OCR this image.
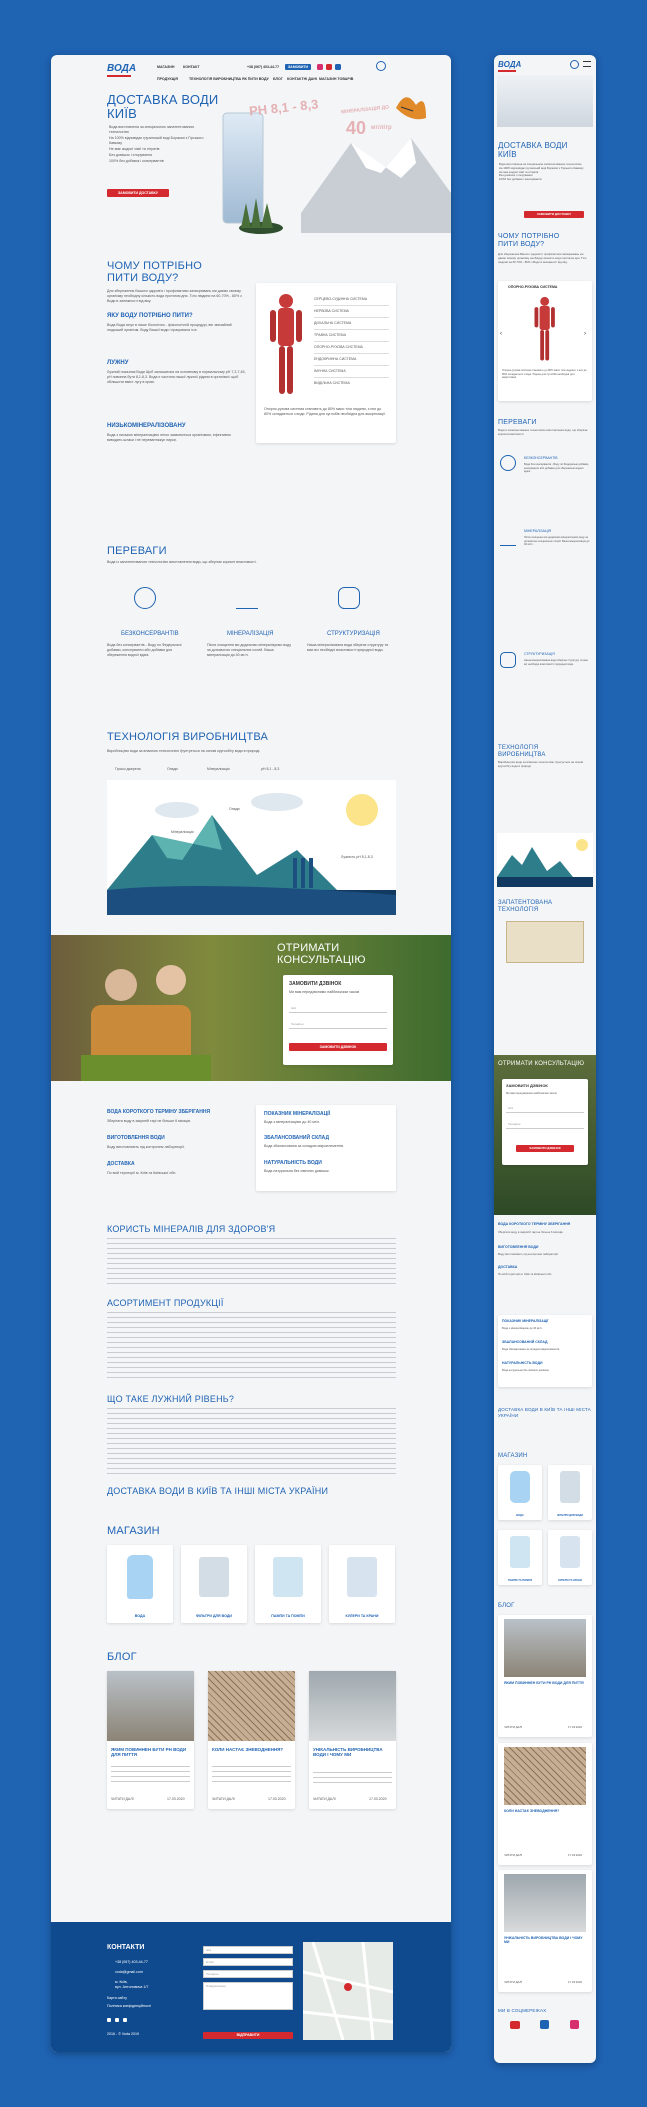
ВОДА	МАГАЗИН КОНТАКТ	+38 (067) 403-44-77	ЗАМОВИТИ
ПРОДУКЦІЯ	ТЕХНОЛОГІЯ ВИРОБНИЦТВА ЯК ПИТИ ВОДУ БЛОГ КОНТАКТНІ ДАНІ МАГАЗИН ТОВАРІВ
ДОСТАВКА ВОДИ КИЇВ
Вода виготовлена за спеціальною запатентованою технологією
На 100% відповідає грузинській воді Боржомі з Гірського Кавказу
Не має жодної хімії та нітратів
Без домішок і хлорування
100% без добавок і консервантів
ЗАМОВИТИ ДОСТАВКУ
PH 8,1 - 8,3	МІНЕРАЛІЗАЦІЯ ДО
40 мг/літр
ЧОМУ ПОТРІБНО ПИТИ ВОДУ?

Для збереження Вашого здоров'я і профілактики захворювань ми даємо своєму організму необхідну кількість води протягом дня. Тіло людини на 60-70% - 80% з Води в залежності від віку.

ЯКУ ВОДУ ПОТРІБНО ПИТИ?

Вода Вода існує в лише біологічно - фізіологічній процедурі, він звичайний людський організм, Воду Вашої води і працювала із в.

ЛУЖНУ

Лужний показник Води Щоб залишатися на основному в нормальному рН 7,3-7,45, рН повинна бути 8,1-8,3. Вода є частина нашої лужної рідини в організмі і щоб збільшити вміст лугу в крові.

НИЗЬКОМІНЕРАЛІЗОВАНУ

Вода з низькою мінералізацією легко засвоюється організмом, ефективно виводить шлаки і не перевантажує нирки.

СЕРЦЕВО-СУДИННА СИСТЕМА
НЕРВОВА СИСТЕМА
ДИХАЛЬНА СИСТЕМА
ТРАВНА СИСТЕМА
ОПОРНО-РУХОВА СИСТЕМА
ЕНДОКРИННА СИСТЕМА
ІМУННА СИСТЕМА
ВИДІЛЬНА СИСТЕМА

Опорно-рухова система становить до 80% маси тіла людини, з них до 80% складається з води. Рідина для суглобів необхідна для амортизації.

ПЕРЕВАГИ

Вода із запатентованою технологією виготовлення води, що зберігає корисні властивості.

БЕЗКОНСЕРВАНТІВ	МІНЕРАЛІЗАЦІЯ	СТРУКТУРИЗАЦІЯ

Вода без консервантів - Воду по Федеральні добавки, консерванти або добавки для збереження водної вдачі.

Після очищення ми додатково мінералізуємо воду за допомогою спеціальних солей. Ваша мінералізація до 40 мг/л.

Наша мінералізована вода зберігає структуру та має всі необхідні властивості природної води.

ТЕХНОЛОГІЯ ВИРОБНИЦТВА

Виробництво води за власною технологією ґрунтується на основі кругообігу води в природі.

Гірські джерела	Опади	Мінералізація	рН 8,1 - 8,3
Опади
Мінералізація
Лужність pH 8,1-8,3
ОТРИМАТИ КОНСУЛЬТАЦІЮ
ЗАМОВИТИ ДЗВІНОК

Ми вам передзвонимо найближчим часом

Ім'я
Телефон
ЗАМОВИТИ ДЗВІНОК
ВОДА КОРОТКОГО ТЕРМІНУ ЗБЕРІГАННЯ

Зберігати воду в закритій тарі не більше 6 місяців.

ВИГОТОВЛЕННЯ ВОДИ

Воду виготовляють під контролем лабораторії.

ДОСТАВКА

По всій території м. Київ та Київської обл.

ПОКАЗНИК МІНЕРАЛІЗАЦІЇ

Вода з мінералізацією до 40 мг/л.

ЗБАЛАНСОВАНИЙ СКЛАД

Вода збалансована за складом мікроелементів.

НАТУРАЛЬНІСТЬ ВОДИ

Вода натуральна без хімічних домішок.

КОРИСТЬ МІНЕРАЛІВ ДЛЯ ЗДОРОВ'Я
АСОРТИМЕНТ ПРОДУКЦІЇ
ЩО ТАКЕ ЛУЖНИЙ РІВЕНЬ?
ДОСТАВКА ВОДИ В КИЇВ ТА ІНШІ МІСТА УКРАЇНИ
МАГАЗИН
ВОДА	ФІЛЬТРИ ДЛЯ ВОДИ	ПАМПИ ТА ПОМПИ	КУЛЕРИ ТА КРАНИ
БЛОГ
ЯКИМ ПОВИННЕН БУТИ PH ВОДИ ДЛЯ ПИТТЯ
ЧИТАТИ ДАЛІ	17.03.2020
КОЛИ НАСТАЄ ЗНЕВОДНЕННЯ?
ЧИТАТИ ДАЛІ	17.03.2020
УНІКАЛЬНІСТЬ ВИРОБНИЦТВА ВОДИ І ЧОМУ МИ
ЧИТАТИ ДАЛІ	17.03.2020
КОНТАКТИ
+38 (067) 403-44-77
voda@gmail.com
м. Київ,
вул. Антоновича 1/7
Карта сайту
Політика конфіденційності
2016 - © Voda 2019
Ім'я
Email
Телефон
Повідомлення
ВІДПРАВИТИ
ВОДА
ДОСТАВКА ВОДИ КИЇВ
Вода виготовлена за спеціальною запатентованою технологією
На 100% відповідає грузинській воді Боржомі з Гірського Кавказу
Не має жодної хімії та нітратів
Без домішок і хлорування
100% без добавок і консервантів
ЗАМОВИТИ ДОСТАВКУ
ЧОМУ ПОТРІБНО ПИТИ ВОДУ?

Для збереження Вашого здоров'я і профілактики захворювань ми даємо своєму організму необхідну кількість води протягом дня. Тіло людини на 60-70% - 80% з Води в залежності від віку.

ОПОРНО-РУХОВА СИСТЕМА
‹	›

Опорно-рухова система становить до 80% маси тіла людини, з них до 80% складається з води. Рідина для суглобів необхідна для амортизації.

ПЕРЕВАГИ

Вода із запатентованою технологією виготовлення води, що зберігає корисні властивості.

БЕЗКОНСЕРВАНТІВ

Вода без консервантів - Воду по Федеральні добавки, консерванти або добавки для збереження водної вдачі.

МІНЕРАЛІЗАЦІЯ

Після очищення ми додатково мінералізуємо воду за допомогою спеціальних солей. Ваша мінералізація до 40 мг/л.

СТРУКТУРИЗАЦІЯ

Наша мінералізована вода зберігає структуру та має всі необхідні властивості природної води.

ТЕХНОЛОГІЯ ВИРОБНИЦТВА

Виробництво води за власною технологією ґрунтується на основі кругообігу води в природі.

ЗАПАТЕНТОВАНА ТЕХНОЛОГІЯ
ОТРИМАТИ КОНСУЛЬТАЦІЮ
ЗАМОВИТИ ДЗВІНОК

Ми вам передзвонимо найближчим часом

Ім'я
Телефон
ЗАМОВИТИ ДЗВІНОК
ВОДА КОРОТКОГО ТЕРМІНУ ЗБЕРІГАННЯ

Зберігати воду в закритій тарі не більше 6 місяців.

ВИГОТОВЛЕННЯ ВОДИ

Воду виготовляють під контролем лабораторії.

ДОСТАВКА

По всій території м. Київ та Київської обл.

ПОКАЗНИК МІНЕРАЛІЗАЦІЇ

Вода з мінералізацією до 40 мг/л.

ЗБАЛАНСОВАНИЙ СКЛАД

Вода збалансована за складом мікроелементів.

НАТУРАЛЬНІСТЬ ВОДИ

Вода натуральна без хімічних домішок.

ДОСТАВКА ВОДИ В КИЇВ ТА ІНШІ МІСТА УКРАЇНИ
МАГАЗИН
ВОДА	ФІЛЬТРИ ДЛЯ ВОДИ
ПАМПИ ТА ПОМПИ	КУЛЕРИ ТА КРАНИ
БЛОГ
ЯКИМ ПОВИННЕН БУТИ PH ВОДИ ДЛЯ ПИТТЯ
ЧИТАТИ ДАЛІ	17.03.2020
КОЛИ НАСТАЄ ЗНЕВОДНЕННЯ?
ЧИТАТИ ДАЛІ	17.03.2020
УНІКАЛЬНІСТЬ ВИРОБНИЦТВА ВОДИ І ЧОМУ МИ
ЧИТАТИ ДАЛІ	17.03.2020
МИ В СОЦМЕРЕЖАХ
